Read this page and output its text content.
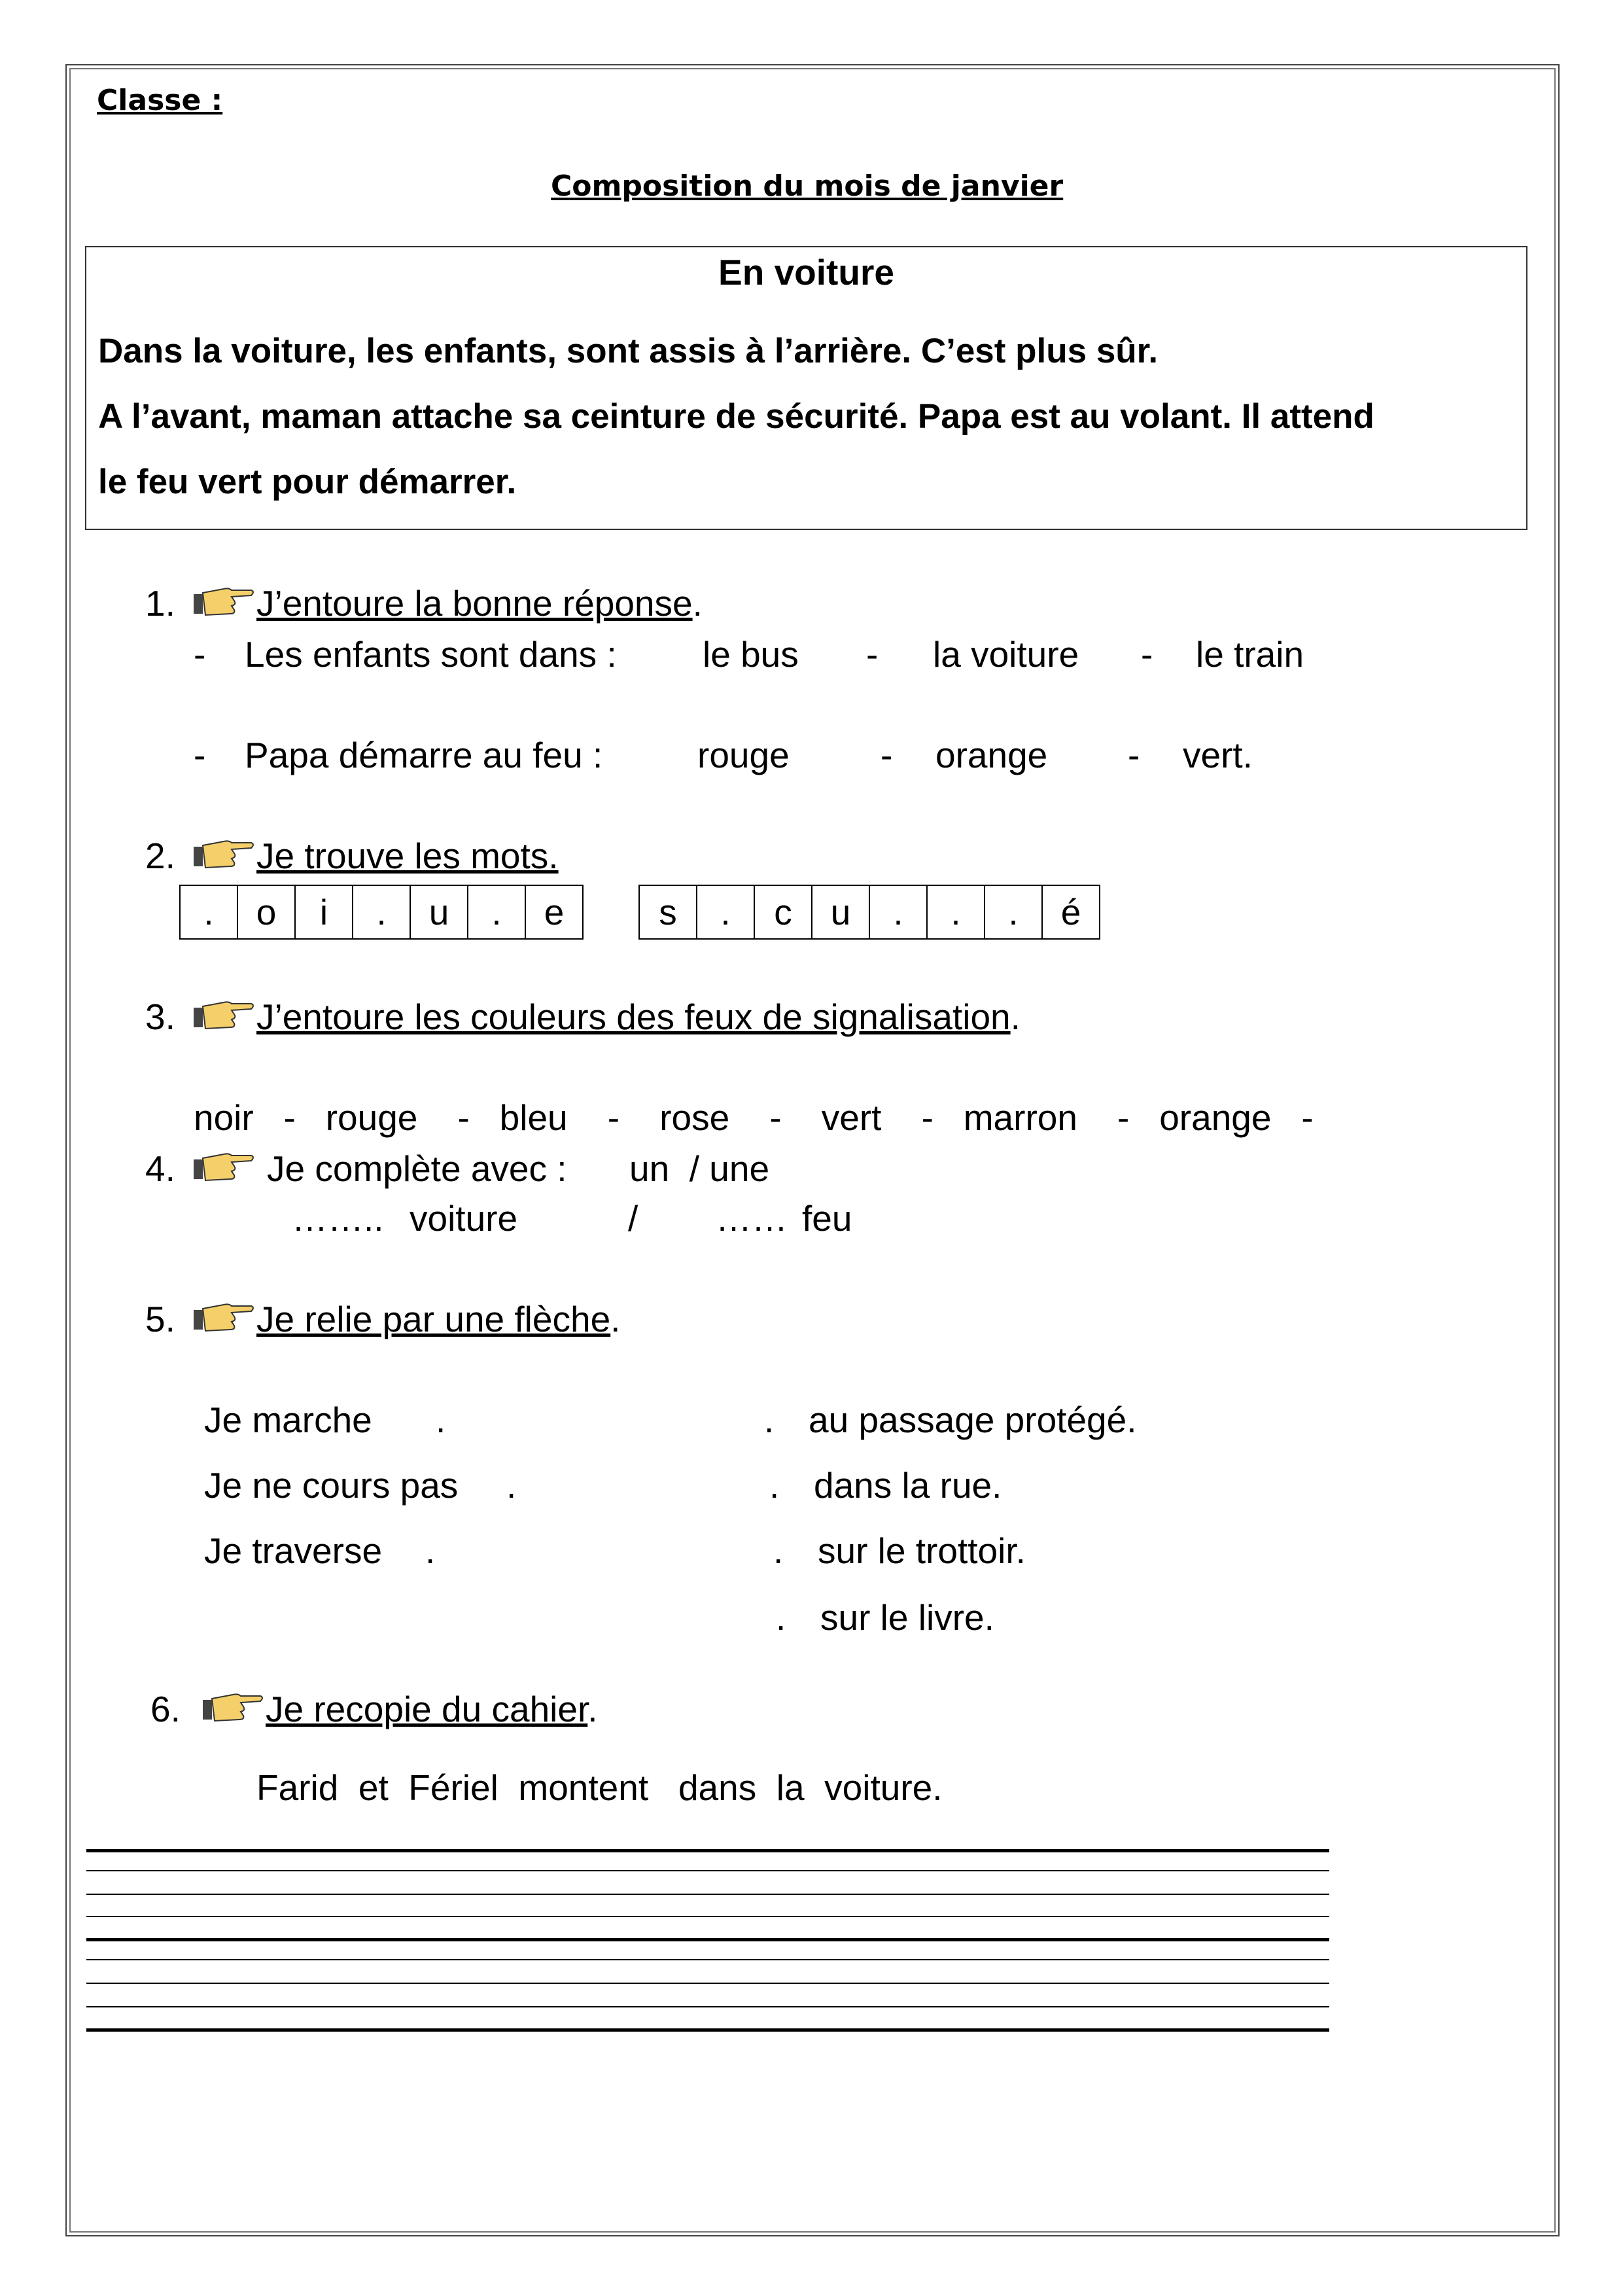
Classe :
Composition du mois de janvier
En voiture
Dans la voiture, les enfants, sont assis à l’arrière. C’est plus sûr.
A l’avant, maman attache sa ceinture de sécurité. Papa est au volant. Il attend
le feu vert pour démarrer.
1. J’entoure la bonne réponse.
- Les enfants sont dans : le bus - la voiture - le train
- Papa démarre au feu :	rouge	- orange - vert.
2. Je trouve les mots.
.	o	i	.	u	.	e	s	.	c	u	.	.	.	é
3. J’entoure les couleurs des feux de signalisation.
noir   -   rouge    -   bleu    -    rose    -    vert    -   marron    -   orange   -
4.	Je complète avec : un  / une
…….. voiture	/ …… feu
5. Je relie par une flèche.
Je marche .
Je ne cours pas .
Je traverse .
. au passage protégé.
. dans la rue.
. sur le trottoir.
. sur le livre.
6. Je recopie du cahier.
Farid  et  Fériel  montent   dans  la  voiture.
